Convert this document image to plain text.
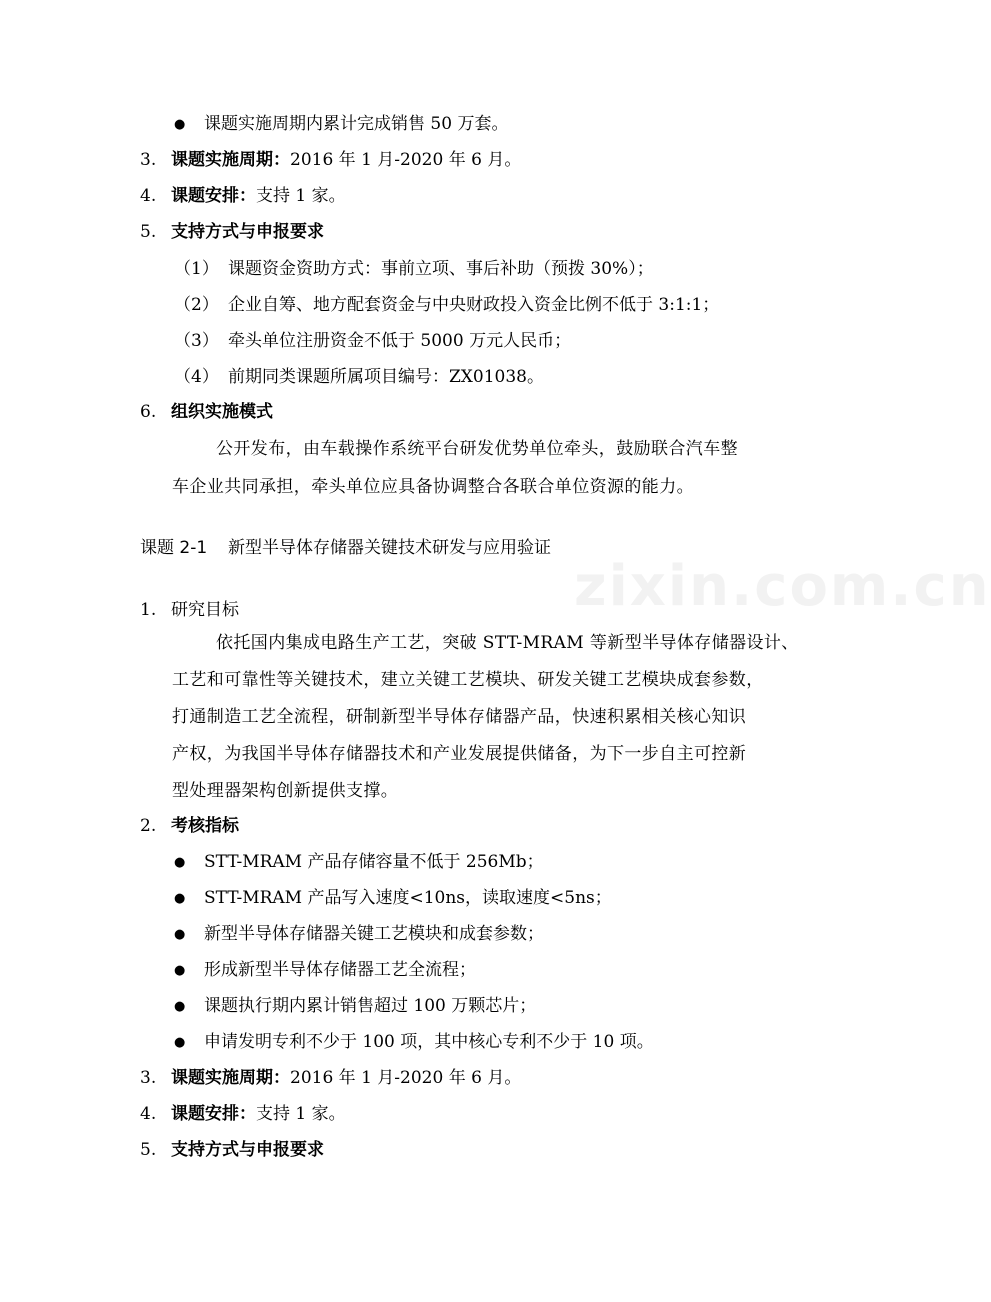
zixin.com.cn
● 课题实施周期内累计完成销售 50 万套。
3. 课题实施周期：2016 年 1 月-2020 年 6 月。
4. 课题安排：支持 1 家。
5. 支持方式与申报要求
（1） 课题资金资助方式：事前立项、事后补助（预拨 30%）；
（2） 企业自筹、地方配套资金与中央财政投入资金比例不低于 3:1:1；
（3） 牵头单位注册资金不低于 5000 万元人民币；
（4） 前期同类课题所属项目编号：ZX01038。
6. 组织实施模式
公开发布，由车载操作系统平台研发优势单位牵头，鼓励联合汽车整
车企业共同承担，牵头单位应具备协调整合各联合单位资源的能力。
课题 2-1 新型半导体存储器关键技术研发与应用验证
1. 研究目标
依托国内集成电路生产工艺，突破 STT-MRAM 等新型半导体存储器设计、
工艺和可靠性等关键技术，建立关键工艺模块、研发关键工艺模块成套参数，
打通制造工艺全流程，研制新型半导体存储器产品，快速积累相关核心知识
产权，为我国半导体存储器技术和产业发展提供储备，为下一步自主可控新
型处理器架构创新提供支撑。
2. 考核指标
● STT-MRAM 产品存储容量不低于 256Mb；
● STT-MRAM 产品写入速度<10ns，读取速度<5ns；
● 新型半导体存储器关键工艺模块和成套参数；
● 形成新型半导体存储器工艺全流程；
● 课题执行期内累计销售超过 100 万颗芯片；
● 申请发明专利不少于 100 项，其中核心专利不少于 10 项。
3. 课题实施周期：2016 年 1 月-2020 年 6 月。
4. 课题安排：支持 1 家。
5. 支持方式与申报要求
